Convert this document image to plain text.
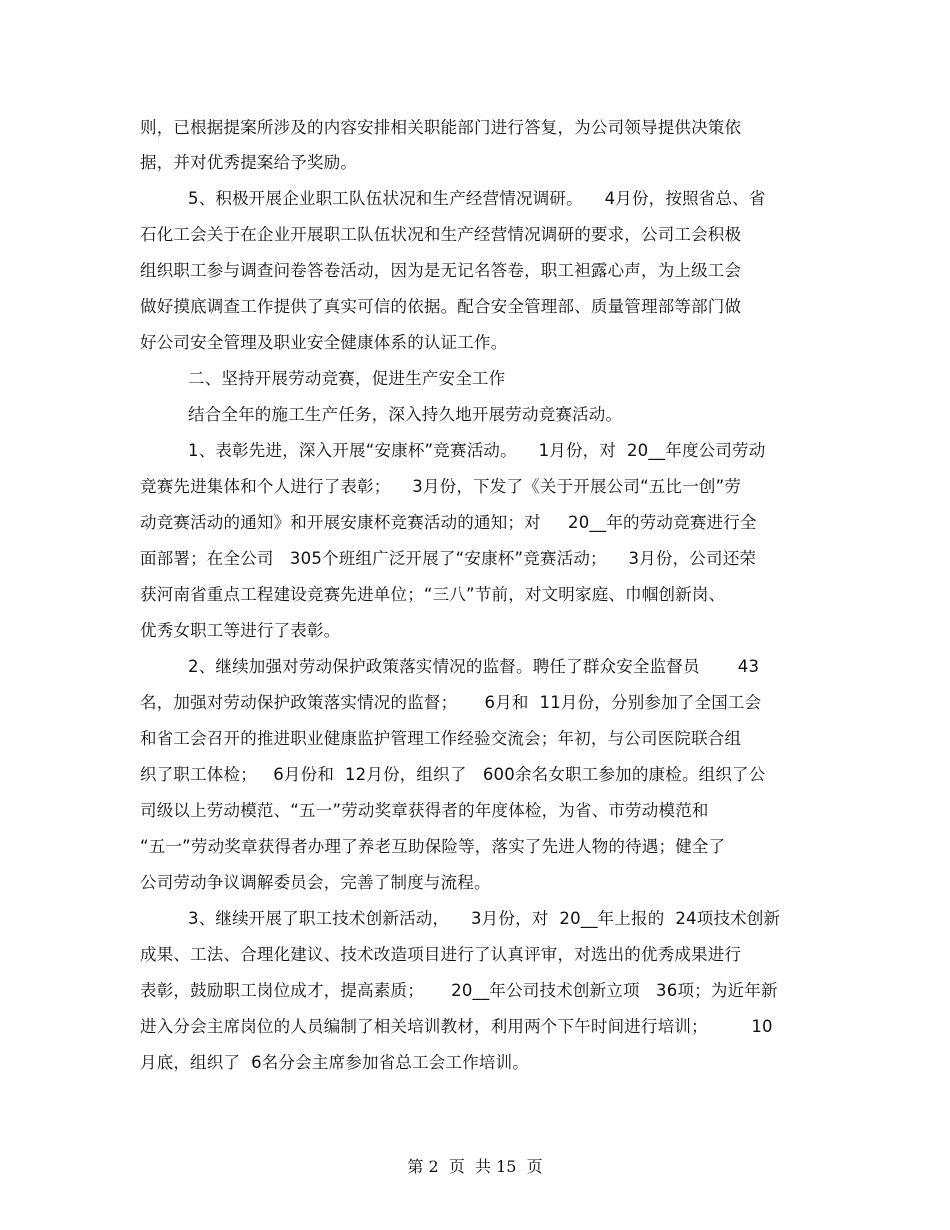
则，已根据提案所涉及的内容安排相关职能部门进行答复，为公司领导提供决策依
据，并对优秀提案给予奖励。
5、积极开展企业职工队伍状况和生产经营情况调研。    4月份，按照省总、省
石化工会关于在企业开展职工队伍状况和生产经营情况调研的要求，公司工会积极
组织职工参与调查问卷答卷活动，因为是无记名答卷，职工袒露心声，为上级工会
做好摸底调查工作提供了真实可信的依据。配合安全管理部、质量管理部等部门做
好公司安全管理及职业安全健康体系的认证工作。
二、坚持开展劳动竞赛，促进生产安全工作
结合全年的施工生产任务，深入持久地开展劳动竞赛活动。
1、表彰先进，深入开展“安康杯”竞赛活动。    1月份，对  20__年度公司劳动
竞赛先进集体和个人进行了表彰；    3月份，下发了《关于开展公司“五比一创”劳
动竞赛活动的通知》和开展安康杯竞赛活动的通知；对     20__年的劳动竞赛进行全
面部署；在全公司   305个班组广泛开展了“安康杯”竞赛活动；    3月份，公司还荣
获河南省重点工程建设竞赛先进单位；“三八”节前，对文明家庭、巾帼创新岗、
优秀女职工等进行了表彰。
2、继续加强对劳动保护政策落实情况的监督。聘任了群众安全监督员       43
名，加强对劳动保护政策落实情况的监督；     6月和  11月份，分别参加了全国工会
和省工会召开的推进职业健康监护管理工作经验交流会；年初，与公司医院联合组
织了职工体检；   6月份和  12月份，组织了   600余名女职工参加的康检。组织了公
司级以上劳动模范、“五一”劳动奖章获得者的年度体检，为省、市劳动模范和
“五一”劳动奖章获得者办理了养老互助保险等，落实了先进人物的待遇；健全了
公司劳动争议调解委员会，完善了制度与流程。
3、继续开展了职工技术创新活动，    3月份，对  20__年上报的  24项技术创新
成果、工法、合理化建议、技术改造项目进行了认真评审，对选出的优秀成果进行
表彰，鼓励职工岗位成才，提高素质；     20__年公司技术创新立项   36项；为近年新
进入分会主席岗位的人员编制了相关培训教材，利用两个下午时间进行培训；        10
月底，组织了  6名分会主席参加省总工会工作培训。
第 2  页  共 15  页
